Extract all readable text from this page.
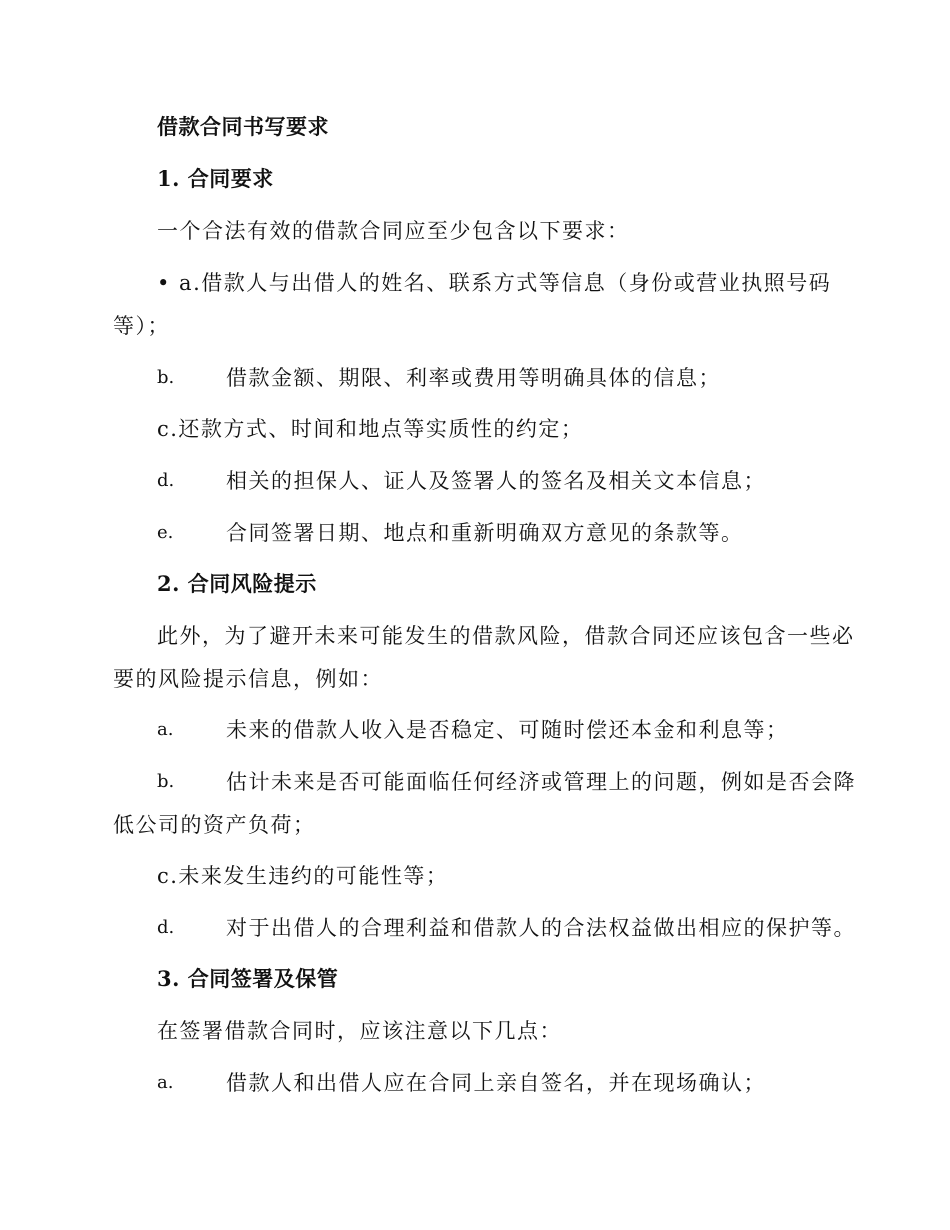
借款合同书写要求
1. 合同要求
一个合法有效的借款合同应至少包含以下要求：
• a.借款人与出借人的姓名、联系方式等信息（身份或营业执照号码
等）；
b. 借款金额、期限、利率或费用等明确具体的信息；
c.还款方式、时间和地点等实质性的约定；
d. 相关的担保人、证人及签署人的签名及相关文本信息；
e.	合同签署日期、地点和重新明确双方意见的条款等。
2. 合同风险提示
此外，为了避开未来可能发生的借款风险，借款合同还应该包含一些必
要的风险提示信息，例如：
a.	未来的借款人收入是否稳定、可随时偿还本金和利息等；
b. 估计未来是否可能面临任何经济或管理上的问题，例如是否会降
低公司的资产负荷；
c.未来发生违约的可能性等；
d. 对于出借人的合理利益和借款人的合法权益做出相应的保护等。
3. 合同签署及保管
在签署借款合同时，应该注意以下几点：
a.	借款人和出借人应在合同上亲自签名，并在现场确认；
